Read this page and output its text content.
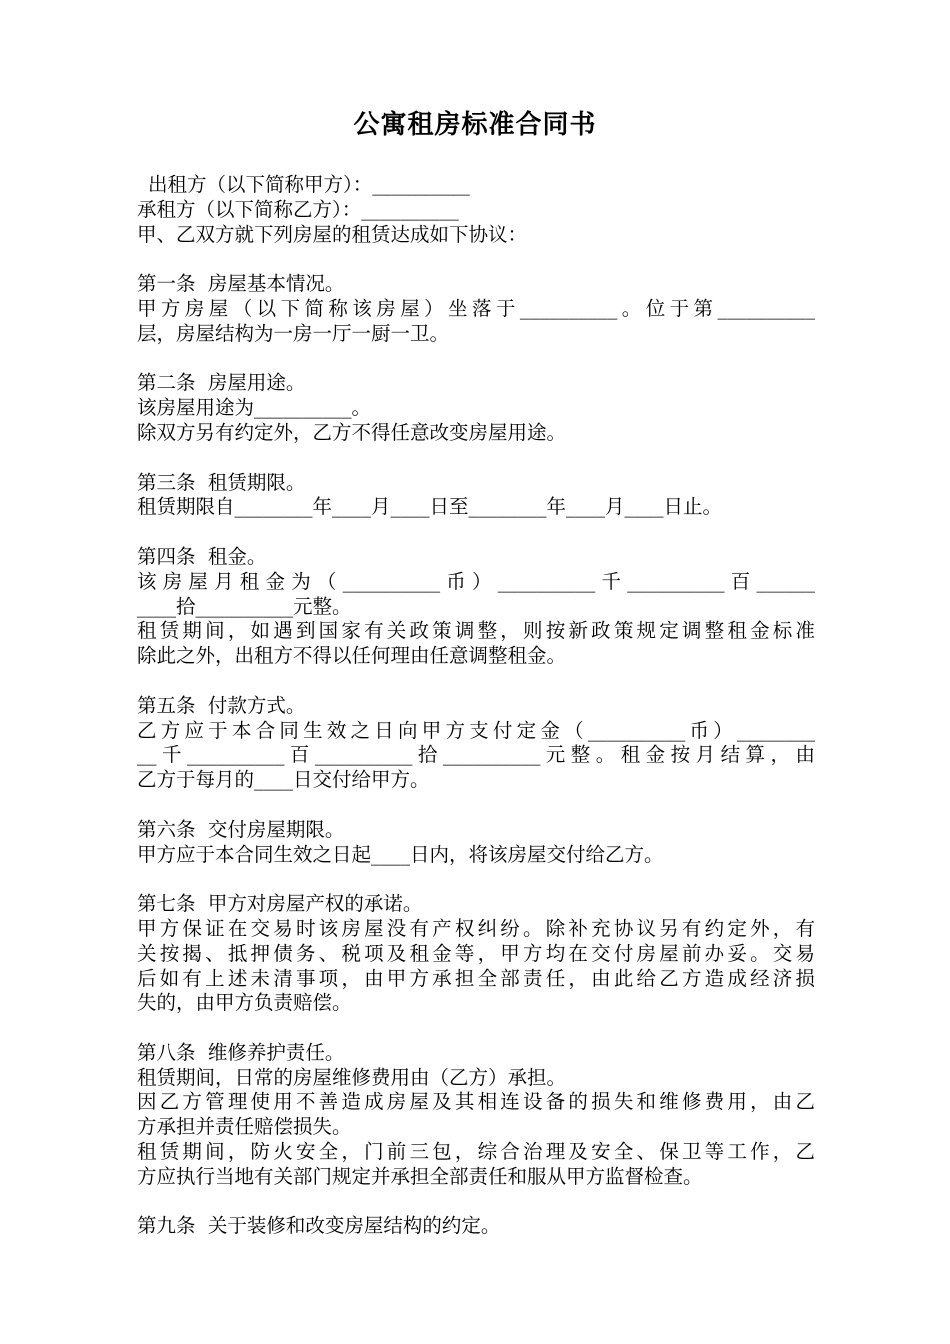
公寓租房标准合同书
出租方（以下简称甲方）：__________
承租方（以下简称乙方）：__________
甲、乙双方就下列房屋的租赁达成如下协议：
第一条  房屋基本情况。
甲方房屋（以下简称该房屋）坐落于__________。位于第__________
层，房屋结构为一房一厅一厨一卫。
第二条  房屋用途。
该房屋用途为__________。
除双方另有约定外，乙方不得任意改变房屋用途。
第三条  租赁期限。
租赁期限自________年____月____日至________年____月____日止。
第四条  租金。
该房屋月租金为（__________币）__________千__________百______
____拾__________元整。
租赁期间，如遇到国家有关政策调整，则按新政策规定调整租金标准
除此之外，出租方不得以任何理由任意调整租金。
第五条  付款方式。
乙方应于本合同生效之日向甲方支付定金（__________币）________
__千__________百__________拾__________元整。租金按月结算，由
乙方于每月的____日交付给甲方。
第六条  交付房屋期限。
甲方应于本合同生效之日起____日内，将该房屋交付给乙方。
第七条  甲方对房屋产权的承诺。
甲方保证在交易时该房屋没有产权纠纷。除补充协议另有约定外，有
关按揭、抵押债务、税项及租金等，甲方均在交付房屋前办妥。交易
后如有上述未清事项，由甲方承担全部责任，由此给乙方造成经济损
失的，由甲方负责赔偿。
第八条  维修养护责任。
租赁期间，日常的房屋维修费用由（乙方）承担。
因乙方管理使用不善造成房屋及其相连设备的损失和维修费用，由乙
方承担并责任赔偿损失。
租赁期间，防火安全，门前三包，综合治理及安全、保卫等工作，乙
方应执行当地有关部门规定并承担全部责任和服从甲方监督检查。
第九条  关于装修和改变房屋结构的约定。
